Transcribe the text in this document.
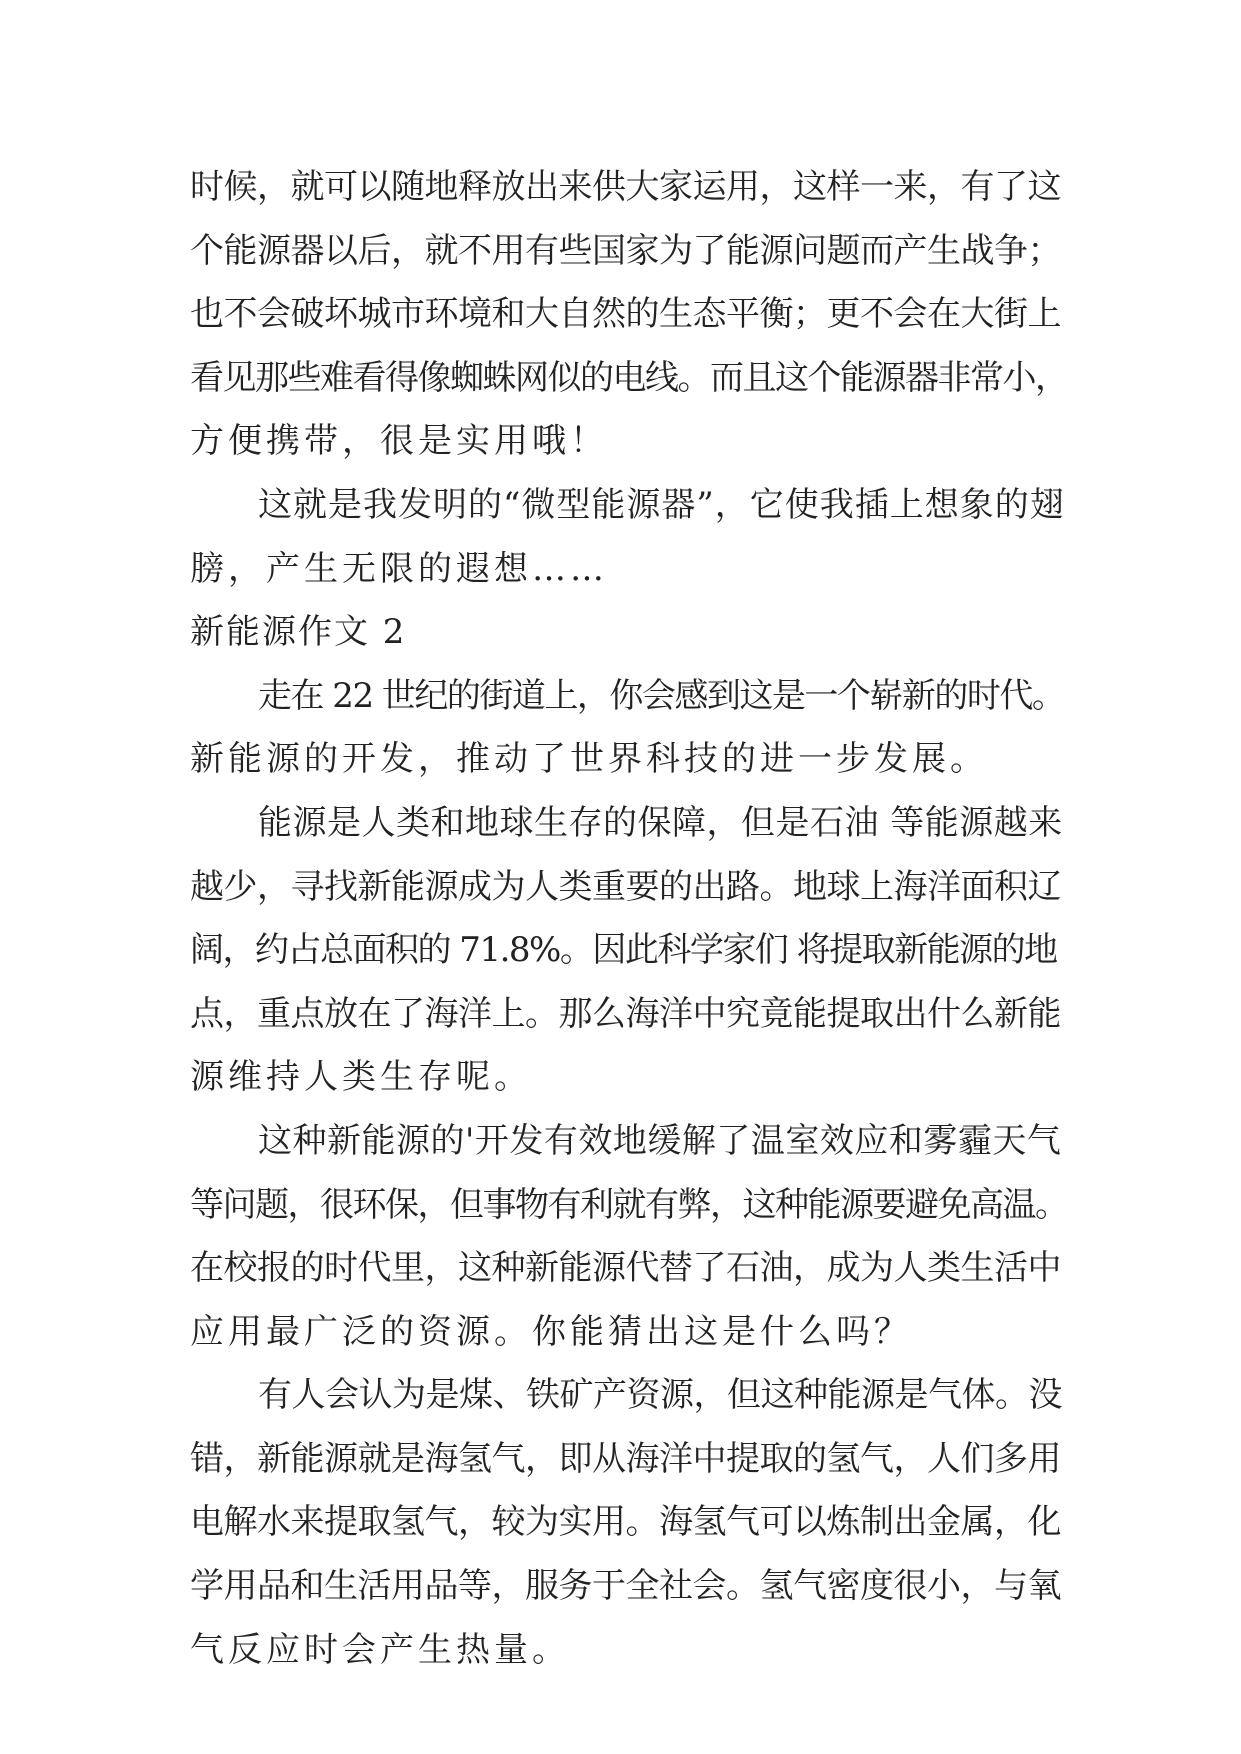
时候，就可以随地释放出来供大家运用，这样一来，有了这
个能源器以后，就不用有些国家为了能源问题而产生战争；
也不会破坏城市环境和大自然的生态平衡；更不会在大街上
看见那些难看得像蜘蛛网似的电线。而且这个能源器非常小，
方便携带，很是实用哦！
这就是我发明的“微型能源器”，它使我插上想象的翅
膀，产生无限的遐想……
新能源作文 2
走在 22 世纪的街道上，你会感到这是一个崭新的时代。
新能源的开发，推动了世界科技的进一步发展。
能源是人类和地球生存的保障，但是石油 等能源越来
越少，寻找新能源成为人类重要的出路。地球上海洋面积辽
阔，约占总面积的 71.8%。因此科学家们 将提取新能源的地
点，重点放在了海洋上。那么海洋中究竟能提取出什么新能
源维持人类生存呢。
这种新能源的'开发有效地缓解了温室效应和雾霾天气
等问题，很环保，但事物有利就有弊，这种能源要避免高温。
在校报的时代里，这种新能源代替了石油，成为人类生活中
应用最广泛的资源。你能猜出这是什么吗？
有人会认为是煤、铁矿产资源，但这种能源是气体。没
错，新能源就是海氢气，即从海洋中提取的氢气，人们多用
电解水来提取氢气，较为实用。海氢气可以炼制出金属，化
学用品和生活用品等，服务于全社会。氢气密度很小，与氧
气反应时会产生热量。
